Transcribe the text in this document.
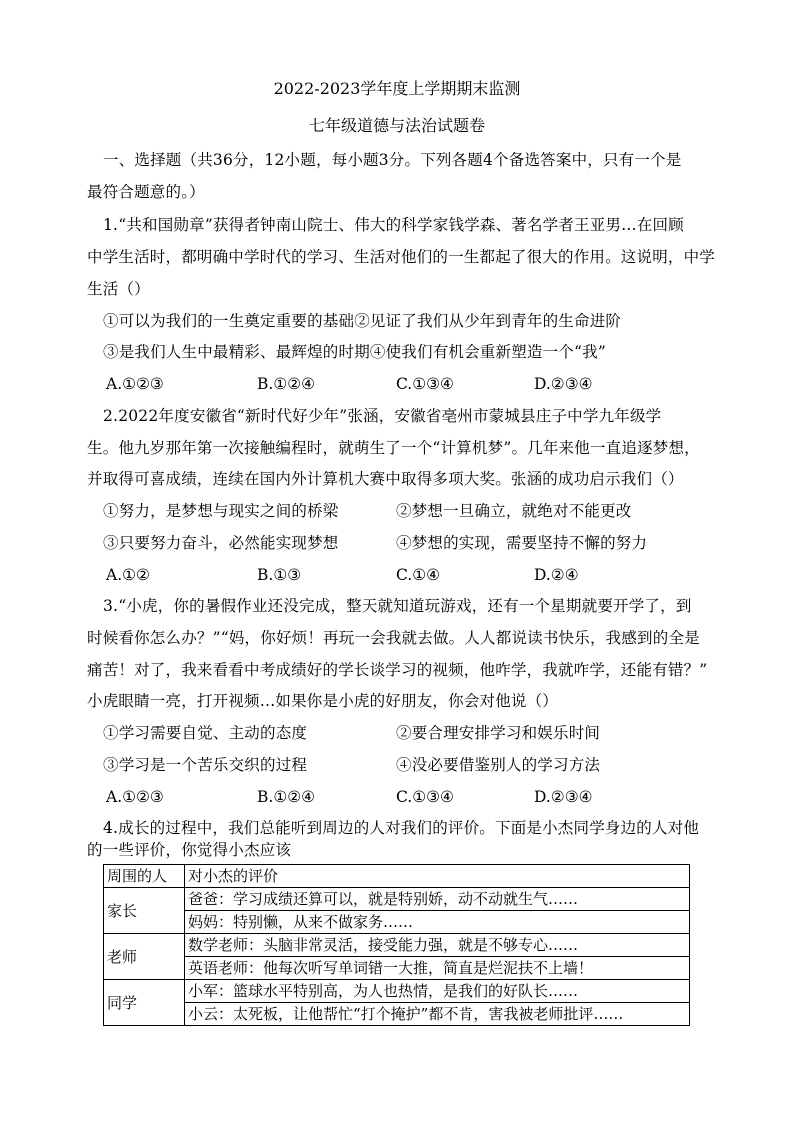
2022-2023学年度上学期期末监测
七年级道德与法治试题卷
一、选择题（共36分，12小题，每小题3分。下列各题4个备选答案中，只有一个是
最符合题意的。）
1.“共和国勋章”获得者钟南山院士、伟大的科学家钱学森、著名学者王亚男…在回顾
中学生活时，都明确中学时代的学习、生活对他们的一生都起了很大的作用。这说明，中学
生活（）
①可以为我们的一生奠定重要的基础②见证了我们从少年到青年的生命进阶
③是我们人生中最精彩、最辉煌的时期④使我们有机会重新塑造一个“我”
A.①②③	B.①②④	C.①③④	D.②③④
2.2022年度安徽省“新时代好少年”张涵，安徽省亳州市蒙城县庄子中学九年级学
生。他九岁那年第一次接触编程时，就萌生了一个“计算机梦”。几年来他一直追逐梦想，
并取得可喜成绩，连续在国内外计算机大赛中取得多项大奖。张涵的成功启示我们（）
①努力，是梦想与现实之间的桥梁	②梦想一旦确立，就绝对不能更改
③只要努力奋斗，必然能实现梦想	④梦想的实现，需要坚持不懈的努力
A.①②	B.①③	C.①④	D.②④
3.“小虎，你的暑假作业还没完成，整天就知道玩游戏，还有一个星期就要开学了，到
时候看你怎么办？”“妈，你好烦！再玩一会我就去做。人人都说读书快乐，我感到的全是
痛苦！对了，我来看看中考成绩好的学长谈学习的视频，他咋学，我就咋学，还能有错？”
小虎眼睛一亮，打开视频…如果你是小虎的好朋友，你会对他说（）
①学习需要自觉、主动的态度	②要合理安排学习和娱乐时间
③学习是一个苦乐交织的过程	④没必要借鉴别人的学习方法
A.①②③	B.①②④	C.①③④	D.②③④
4.成长的过程中，我们总能听到周边的人对我们的评价。下面是小杰同学身边的人对他
的一些评价，你觉得小杰应该
周围的人	对小杰的评价
家长	爸爸：学习成绩还算可以，就是特别娇，动不动就生气……
	妈妈：特别懒，从来不做家务……
老师	数学老师：头脑非常灵活，接受能力强，就是不够专心……
	英语老师：他每次听写单词错一大推，简直是烂泥扶不上墙！
同学	小军：篮球水平特别高，为人也热情，是我们的好队长……
	小云：太死板，让他帮忙“打个掩护”都不肯，害我被老师批评……
